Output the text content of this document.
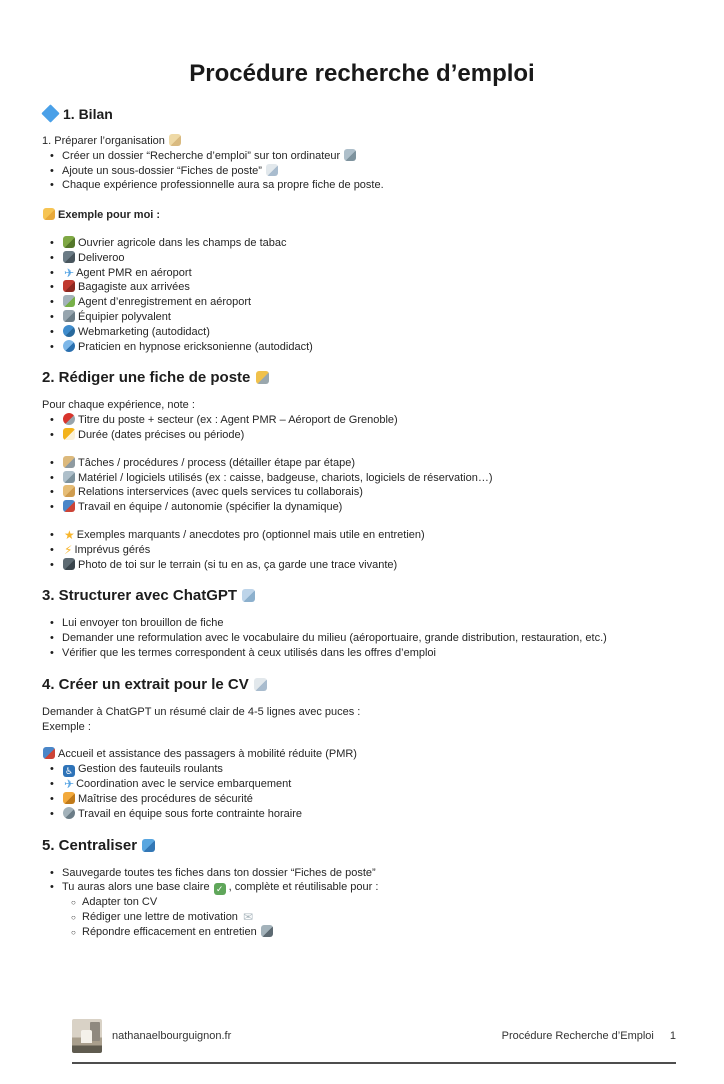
Procédure recherche d’emploi
1. Bilan
1. Préparer l’organisation
• Créer un dossier “Recherche d’emploi” sur ton ordinateur
• Ajoute un sous-dossier “Fiches de poste”
• Chaque expérience professionnelle aura sa propre fiche de poste.
Exemple pour moi :
• Ouvrier agricole dans les champs de tabac
• Deliveroo
• ✈ Agent PMR en aéroport
• Bagagiste aux arrivées
• Agent d’enregistrement en aéroport
• Équipier polyvalent
• Webmarketing (autodidact)
• Praticien en hypnose ericksonienne (autodidact)
2. Rédiger une fiche de poste
Pour chaque expérience, note :
• Titre du poste + secteur (ex : Agent PMR – Aéroport de Grenoble)
• Durée (dates précises ou période)
• Tâches / procédures / process (détailler étape par étape)
• Matériel / logiciels utilisés (ex : caisse, badgeuse, chariots, logiciels de réservation…)
• Relations interservices (avec quels services tu collaborais)
• Travail en équipe / autonomie (spécifier la dynamique)
• ★ Exemples marquants / anecdotes pro (optionnel mais utile en entretien)
• ⚡ Imprévus gérés
• Photo de toi sur le terrain (si tu en as, ça garde une trace vivante)
3. Structurer avec ChatGPT
• Lui envoyer ton brouillon de fiche
• Demander une reformulation avec le vocabulaire du milieu (aéroportuaire, grande distribution, restauration, etc.)
• Vérifier que les termes correspondent à ceux utilisés dans les offres d’emploi
4. Créer un extrait pour le CV
Demander à ChatGPT un résumé clair de 4-5 lignes avec puces :
Exemple :
Accueil et assistance des passagers à mobilité réduite (PMR)
• ♿ Gestion des fauteuils roulants
• ✈ Coordination avec le service embarquement
• Maîtrise des procédures de sécurité
• Travail en équipe sous forte contrainte horaire
5. Centraliser
• Sauvegarde toutes tes fiches dans ton dossier “Fiches de poste”
• Tu auras alors une base claire ✓ , complète et réutilisable pour :
○ Adapter ton CV
○ Rédiger une lettre de motivation ✉
○ Répondre efficacement en entretien
nathanaelbourguignon.fr	Procédure Recherche d’Emploi 1
